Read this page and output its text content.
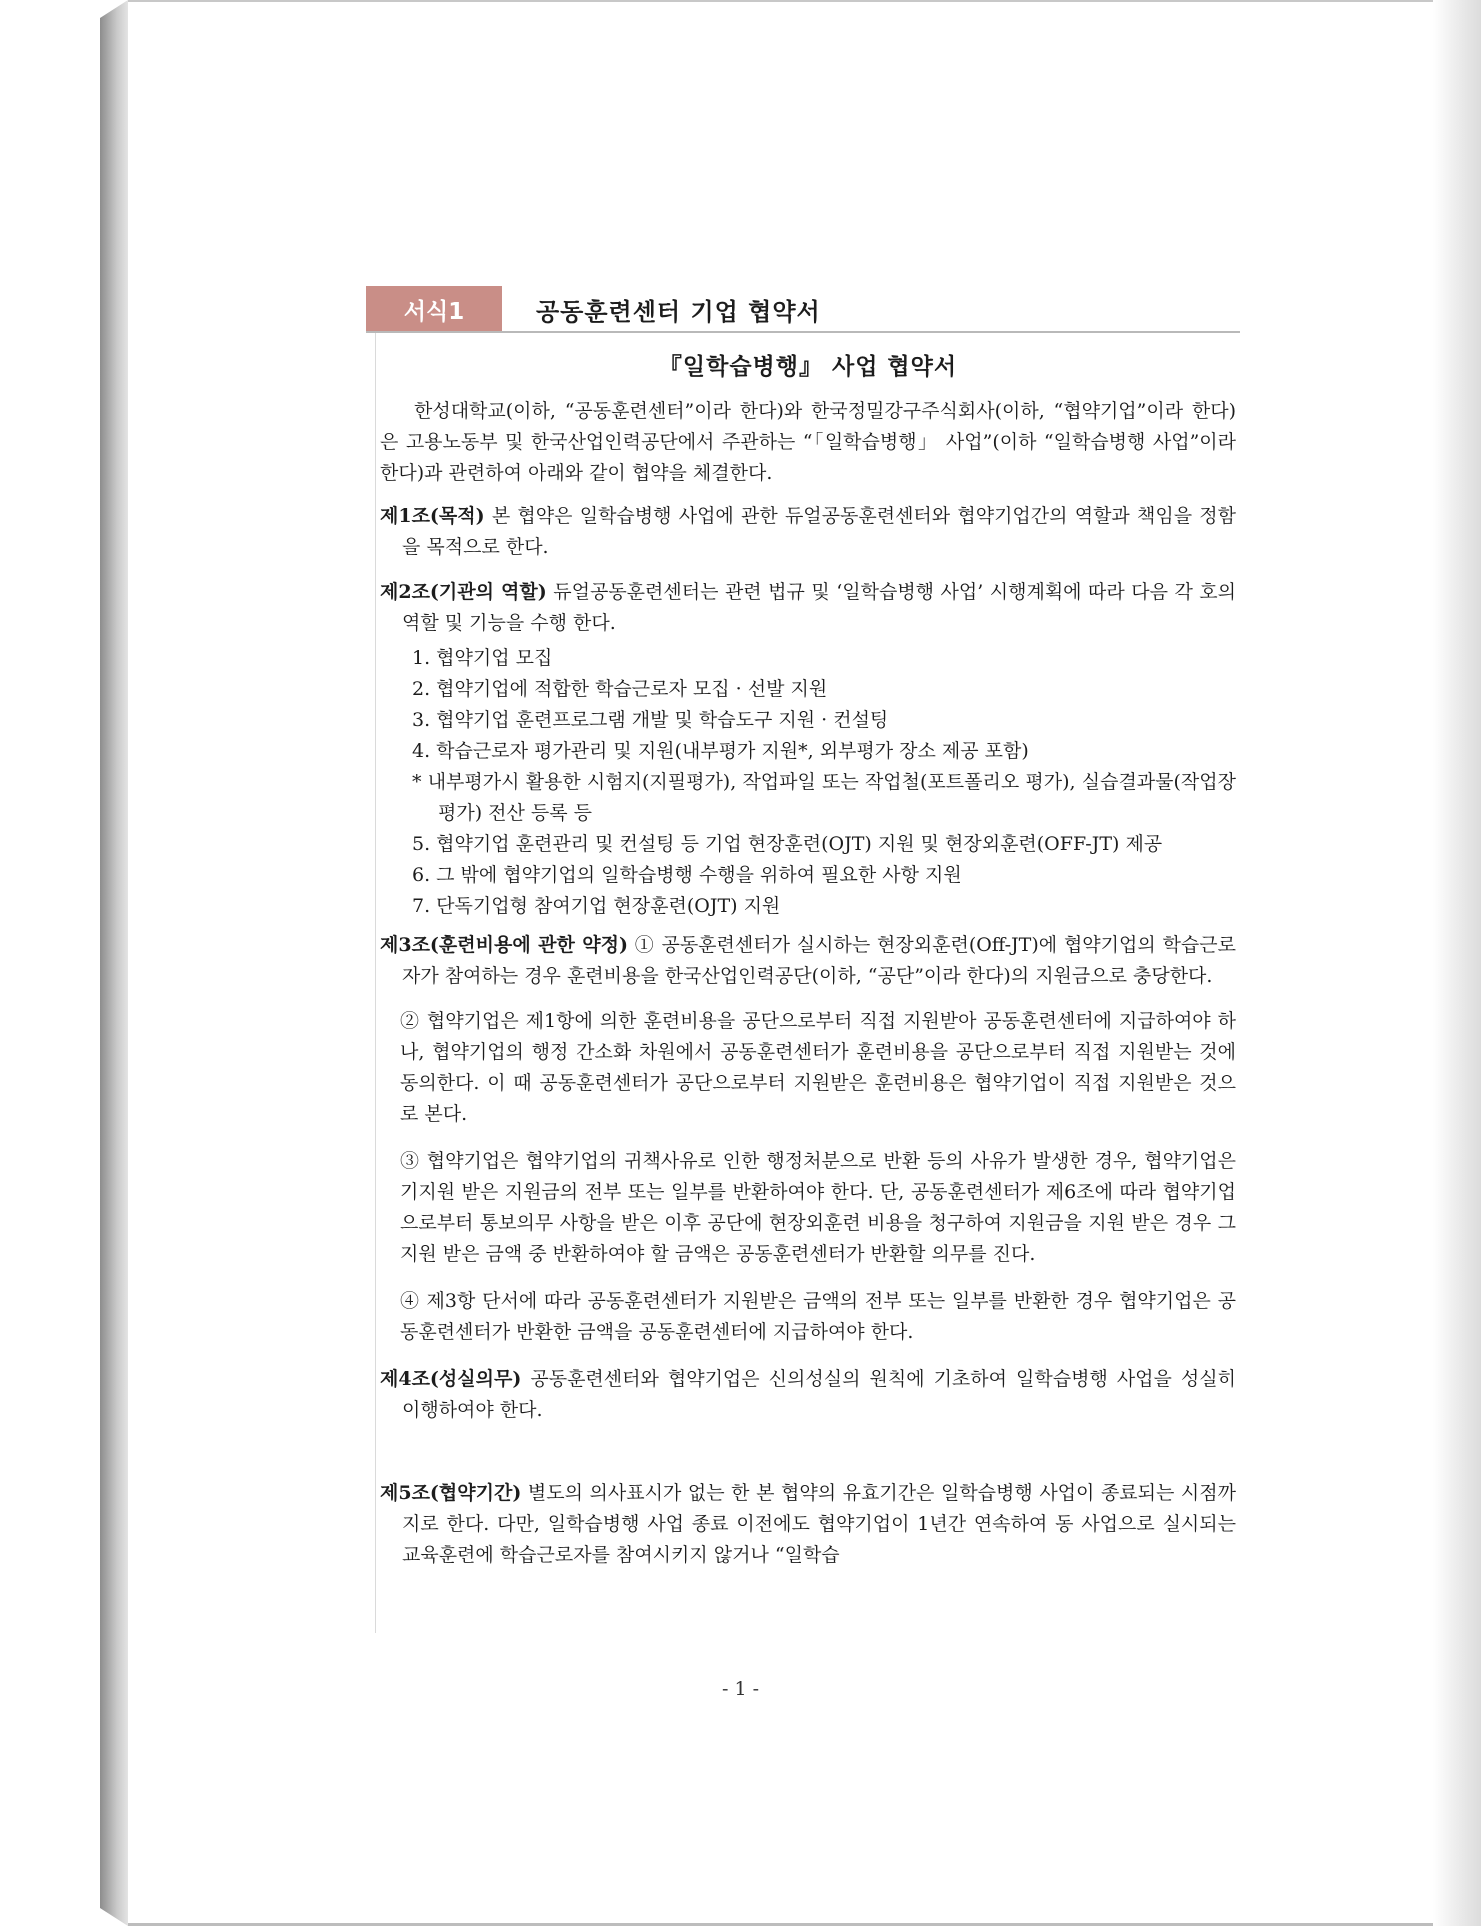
서식1	공동훈련센터 기업 협약서
『일학습병행』 사업 협약서

한성대학교(이하, “공동훈련센터”이라 한다)와 한국정밀강구주식회사(이하, “협약기업”이라 한다)은 고용노동부 및 한국산업인력공단에서 주관하는 “「일학습병행」 사업”(이하 “일학습병행 사업”이라 한다)과 관련하여 아래와 같이 협약을 체결한다.

제1조(목적) 본 협약은 일학습병행 사업에 관한 듀얼공동훈련센터와 협약기업간의 역할과 책임을 정함을 목적으로 한다.

제2조(기관의 역할) 듀얼공동훈련센터는 관련 법규 및 ‘일학습병행 사업’ 시행계획에 따라 다음 각 호의 역할 및 기능을 수행 한다.

1. 협약기업 모집
2. 협약기업에 적합한 학습근로자 모집 · 선발 지원
3. 협약기업 훈련프로그램 개발 및 학습도구 지원 · 컨설팅
4. 학습근로자 평가관리 및 지원(내부평가 지원*, 외부평가 장소 제공 포함)
* 내부평가시 활용한 시험지(지필평가), 작업파일 또는 작업철(포트폴리오 평가), 실습결과물(작업장 평가) 전산 등록 등
5. 협약기업 훈련관리 및 컨설팅 등 기업 현장훈련(OJT) 지원 및 현장외훈련(OFF-JT) 제공
6. 그 밖에 협약기업의 일학습병행 수행을 위하여 필요한 사항 지원
7. 단독기업형 참여기업 현장훈련(OJT) 지원

제3조(훈련비용에 관한 약정) ① 공동훈련센터가 실시하는 현장외훈련(Off-JT)에 협약기업의 학습근로자가 참여하는 경우 훈련비용을 한국산업인력공단(이하, “공단”이라 한다)의 지원금으로 충당한다.

② 협약기업은 제1항에 의한 훈련비용을 공단으로부터 직접 지원받아 공동훈련센터에 지급하여야 하나, 협약기업의 행정 간소화 차원에서 공동훈련센터가 훈련비용을 공단으로부터 직접 지원받는 것에 동의한다. 이 때 공동훈련센터가 공단으로부터 지원받은 훈련비용은 협약기업이 직접 지원받은 것으로 본다.

③ 협약기업은 협약기업의 귀책사유로 인한 행정처분으로 반환 등의 사유가 발생한 경우, 협약기업은 기지원 받은 지원금의 전부 또는 일부를 반환하여야 한다. 단, 공동훈련센터가 제6조에 따라 협약기업으로부터 통보의무 사항을 받은 이후 공단에 현장외훈련 비용을 청구하여 지원금을 지원 받은 경우 그 지원 받은 금액 중 반환하여야 할 금액은 공동훈련센터가 반환할 의무를 진다.

④ 제3항 단서에 따라 공동훈련센터가 지원받은 금액의 전부 또는 일부를 반환한 경우 협약기업은 공동훈련센터가 반환한 금액을 공동훈련센터에 지급하여야 한다.

제4조(성실의무) 공동훈련센터와 협약기업은 신의성실의 원칙에 기초하여 일학습병행 사업을 성실히 이행하여야 한다.

제5조(협약기간) 별도의 의사표시가 없는 한 본 협약의 유효기간은 일학습병행 사업이 종료되는 시점까지로 한다. 다만, 일학습병행 사업 종료 이전에도 협약기업이 1년간 연속하여 동 사업으로 실시되는 교육훈련에 학습근로자를 참여시키지 않거나 “일학습

- 1 -
